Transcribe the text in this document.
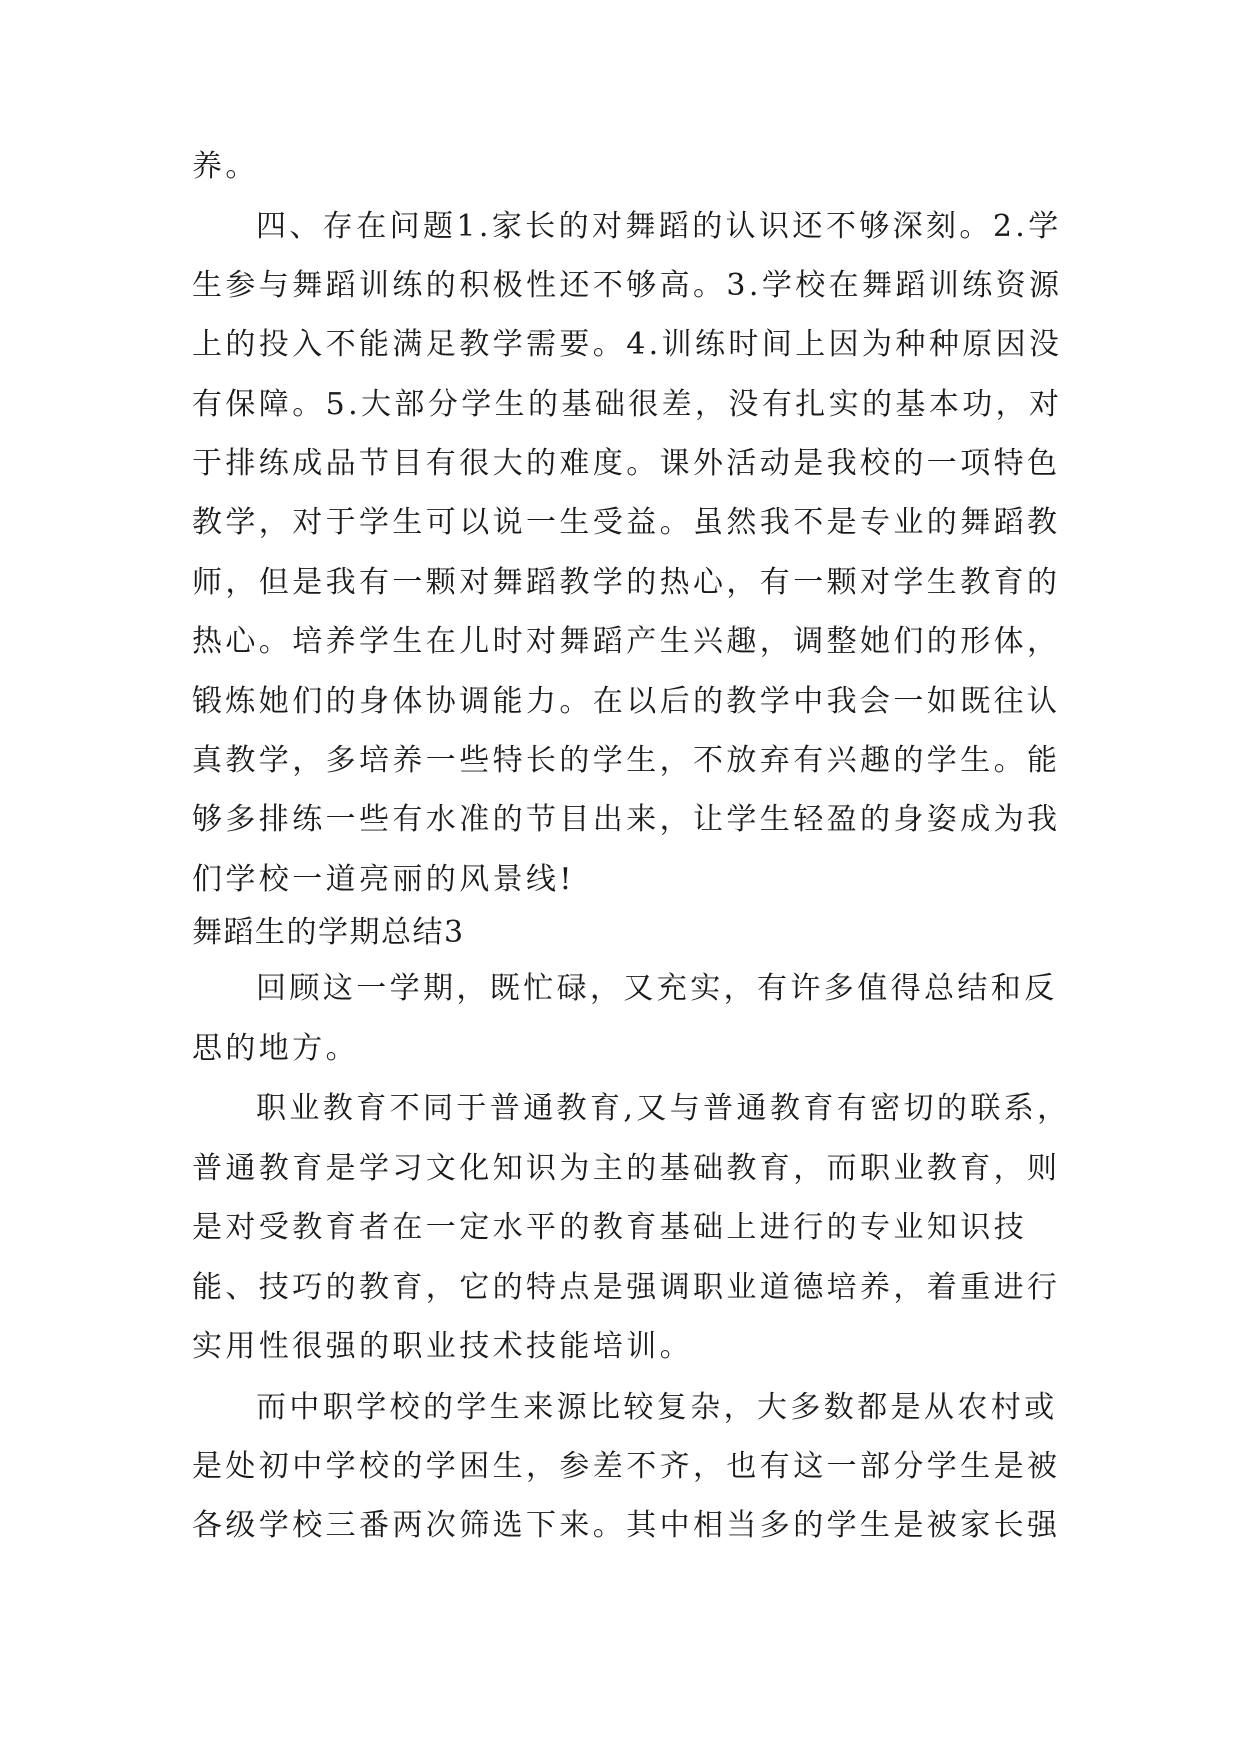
养。

四、存在问题1.家长的对舞蹈的认识还不够深刻。2.学

生参与舞蹈训练的积极性还不够高。3.学校在舞蹈训练资源

上的投入不能满足教学需要。4.训练时间上因为种种原因没

有保障。5.大部分学生的基础很差，没有扎实的基本功，对

于排练成品节目有很大的难度。课外活动是我校的一项特色

教学，对于学生可以说一生受益。虽然我不是专业的舞蹈教

师，但是我有一颗对舞蹈教学的热心，有一颗对学生教育的

热心。培养学生在儿时对舞蹈产生兴趣，调整她们的形体，

锻炼她们的身体协调能力。在以后的教学中我会一如既往认

真教学，多培养一些特长的学生，不放弃有兴趣的学生。能

够多排练一些有水准的节目出来，让学生轻盈的身姿成为我

们学校一道亮丽的风景线!

舞蹈生的学期总结3

回顾这一学期，既忙碌，又充实，有许多值得总结和反

思的地方。

职业教育不同于普通教育,又与普通教育有密切的联系，

普通教育是学习文化知识为主的基础教育，而职业教育，则

是对受教育者在一定水平的教育基础上进行的专业知识技

能、技巧的教育，它的特点是强调职业道德培养，着重进行

实用性很强的职业技术技能培训。

而中职学校的学生来源比较复杂，大多数都是从农村或

是处初中学校的学困生，参差不齐，也有这一部分学生是被

各级学校三番两次筛选下来。其中相当多的学生是被家长强
